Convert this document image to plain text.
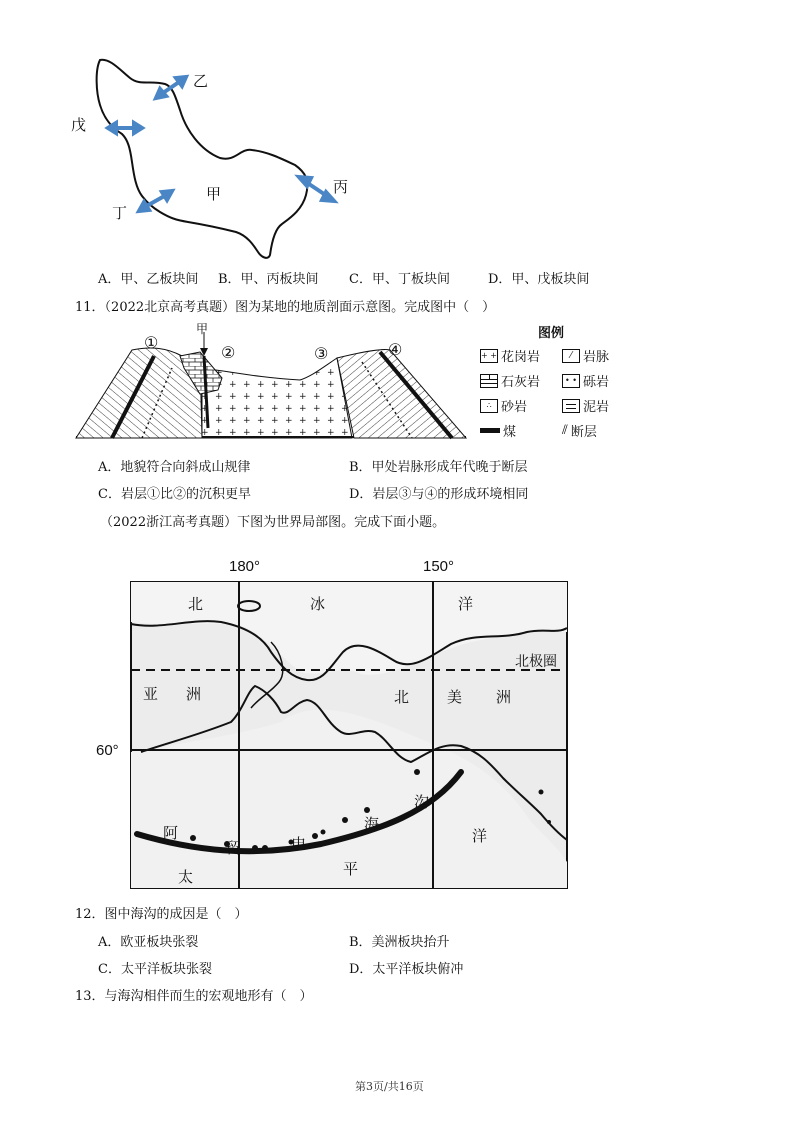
乙
戊
甲	丙
丁
A．甲、乙板块间 B．甲、丙板块间 C．甲、丁板块间	D．甲、戊板块间
11．（2022北京高考真题）图为某地的地质剖面示意图。完成图中（　）
①
甲
②	③	④
图例
+ + 花岗岩	⁄ 岩脉
石灰岩	• • 砾岩
∴ 砂岩	泥岩
煤	⫽ 断层
A．地貌符合向斜成山规律	B．甲处岩脉形成年代晚于断层
C．岩层①比②的沉积更早	D．岩层③与④的形成环境相同
（2022浙江高考真题）下图为世界局部图。完成下面小题。
180°	150°
60°
北	冰	洋
北极圈
亚 洲	北	美 洲
沟
海
洋
阿
留	申
太	平
12．图中海沟的成因是（　）
A．欧亚板块张裂	B．美洲板块抬升
C．太平洋板块张裂	D．太平洋板块俯冲
13．与海沟相伴而生的宏观地形有（　）
第3页/共16页
